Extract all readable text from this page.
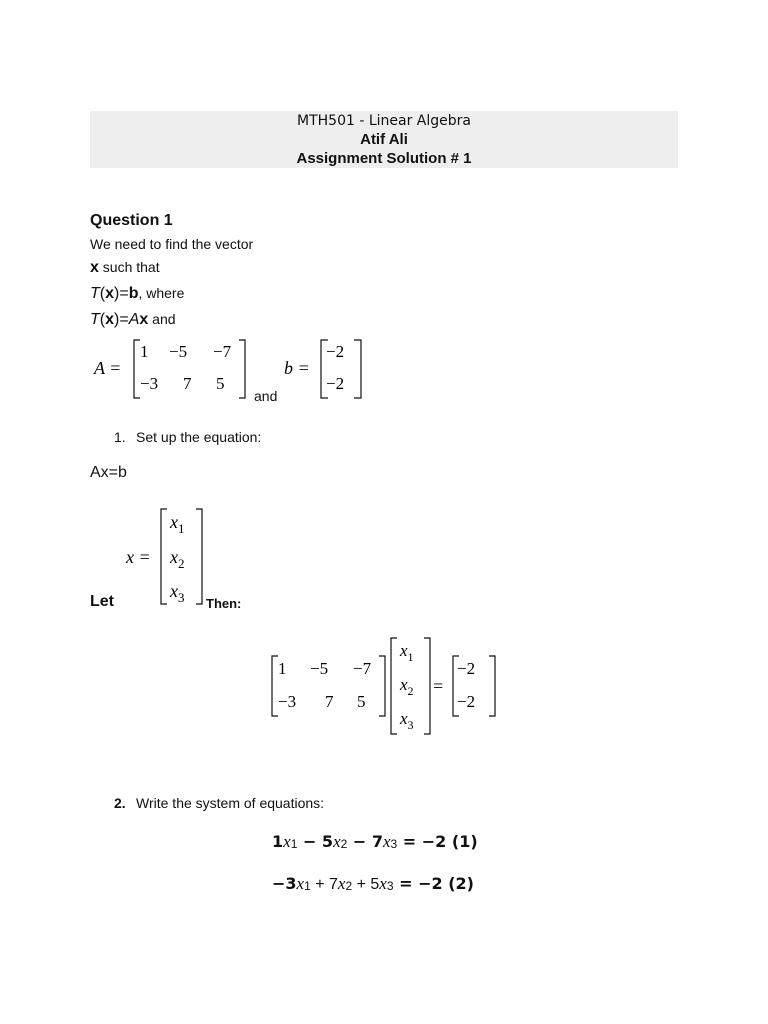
MTH501 - Linear Algebra
Atif Ali
Assignment Solution # 1
Question 1
We need to find the vector
x such that
T(x)=b, where
T(x)=Ax and
A =
1 −5 −7
−3 7 5
b =
−2
−2
and
1. Set up the equation:
Ax=b
x =
$x_1$
$x_2$
$x_3$
Let	Then:
1 −5 −7
−3 7 5
$x_1$
$x_2$
$x_3$
=
−2
−2
2. Write the system of equations:
$1x_1 - 5x_2 - 7x_3 = -2$ (1)
$-3x_1 + 7x_2 + 5x_3 = -2$ (2)
